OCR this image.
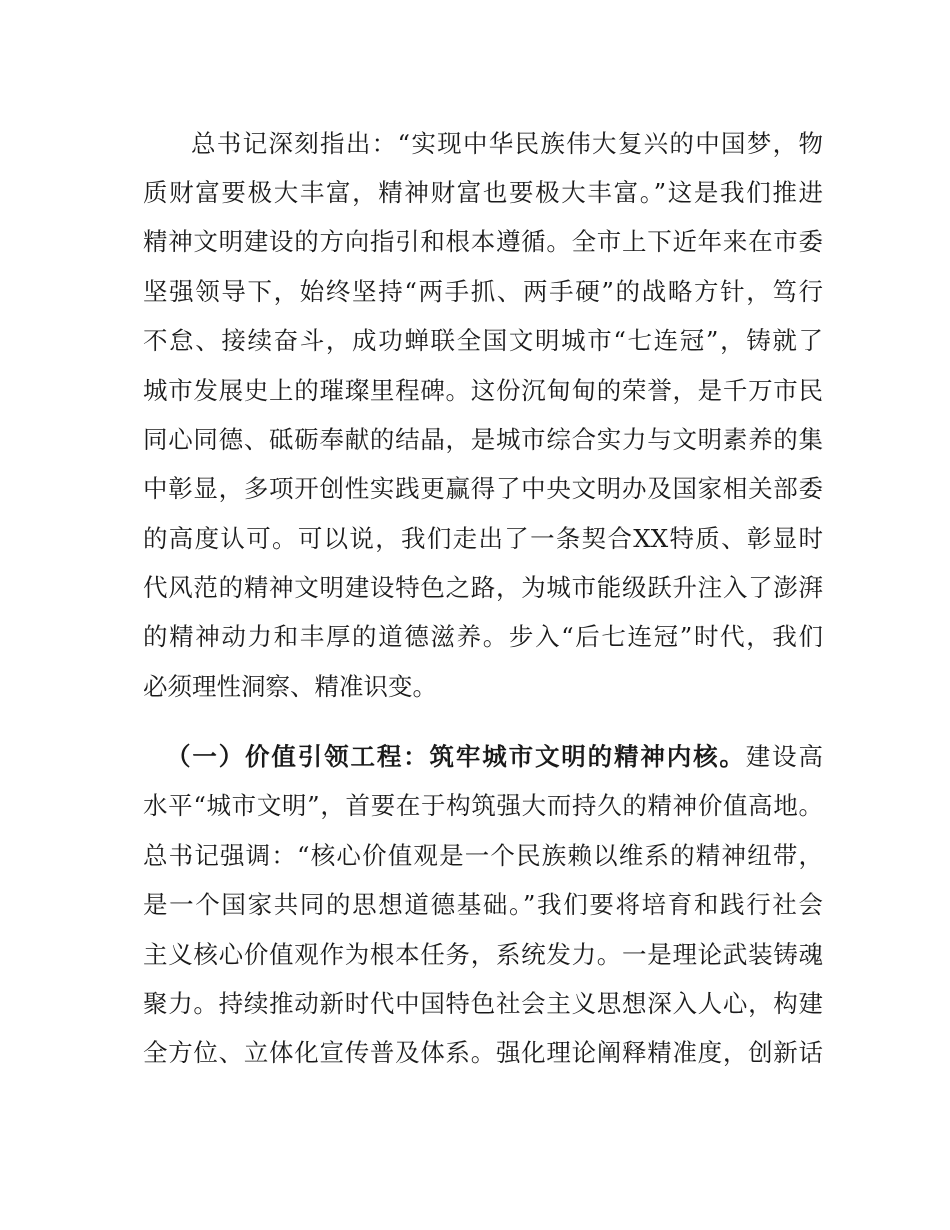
总书记深刻指出：“实现中华民族伟大复兴的中国梦，物
质财富要极大丰富，精神财富也要极大丰富。”这是我们推进
精神文明建设的方向指引和根本遵循。全市上下近年来在市委
坚强领导下，始终坚持“两手抓、两手硬”的战略方针，笃行
不怠、接续奋斗，成功蝉联全国文明城市“七连冠”，铸就了
城市发展史上的璀璨里程碑。这份沉甸甸的荣誉，是千万市民
同心同德、砥砺奉献的结晶，是城市综合实力与文明素养的集
中彰显，多项开创性实践更赢得了中央文明办及国家相关部委
的高度认可。可以说，我们走出了一条契合XX特质、彰显时
代风范的精神文明建设特色之路，为城市能级跃升注入了澎湃
的精神动力和丰厚的道德滋养。步入“后七连冠”时代，我们
必须理性洞察、精准识变。
（一）价值引领工程：筑牢城市文明的精神内核。建设高
水平“城市文明”，首要在于构筑强大而持久的精神价值高地。
总书记强调：“核心价值观是一个民族赖以维系的精神纽带，
是一个国家共同的思想道德基础。”我们要将培育和践行社会
主义核心价值观作为根本任务，系统发力。一是理论武装铸魂
聚力。持续推动新时代中国特色社会主义思想深入人心，构建
全方位、立体化宣传普及体系。强化理论阐释精准度，创新话
